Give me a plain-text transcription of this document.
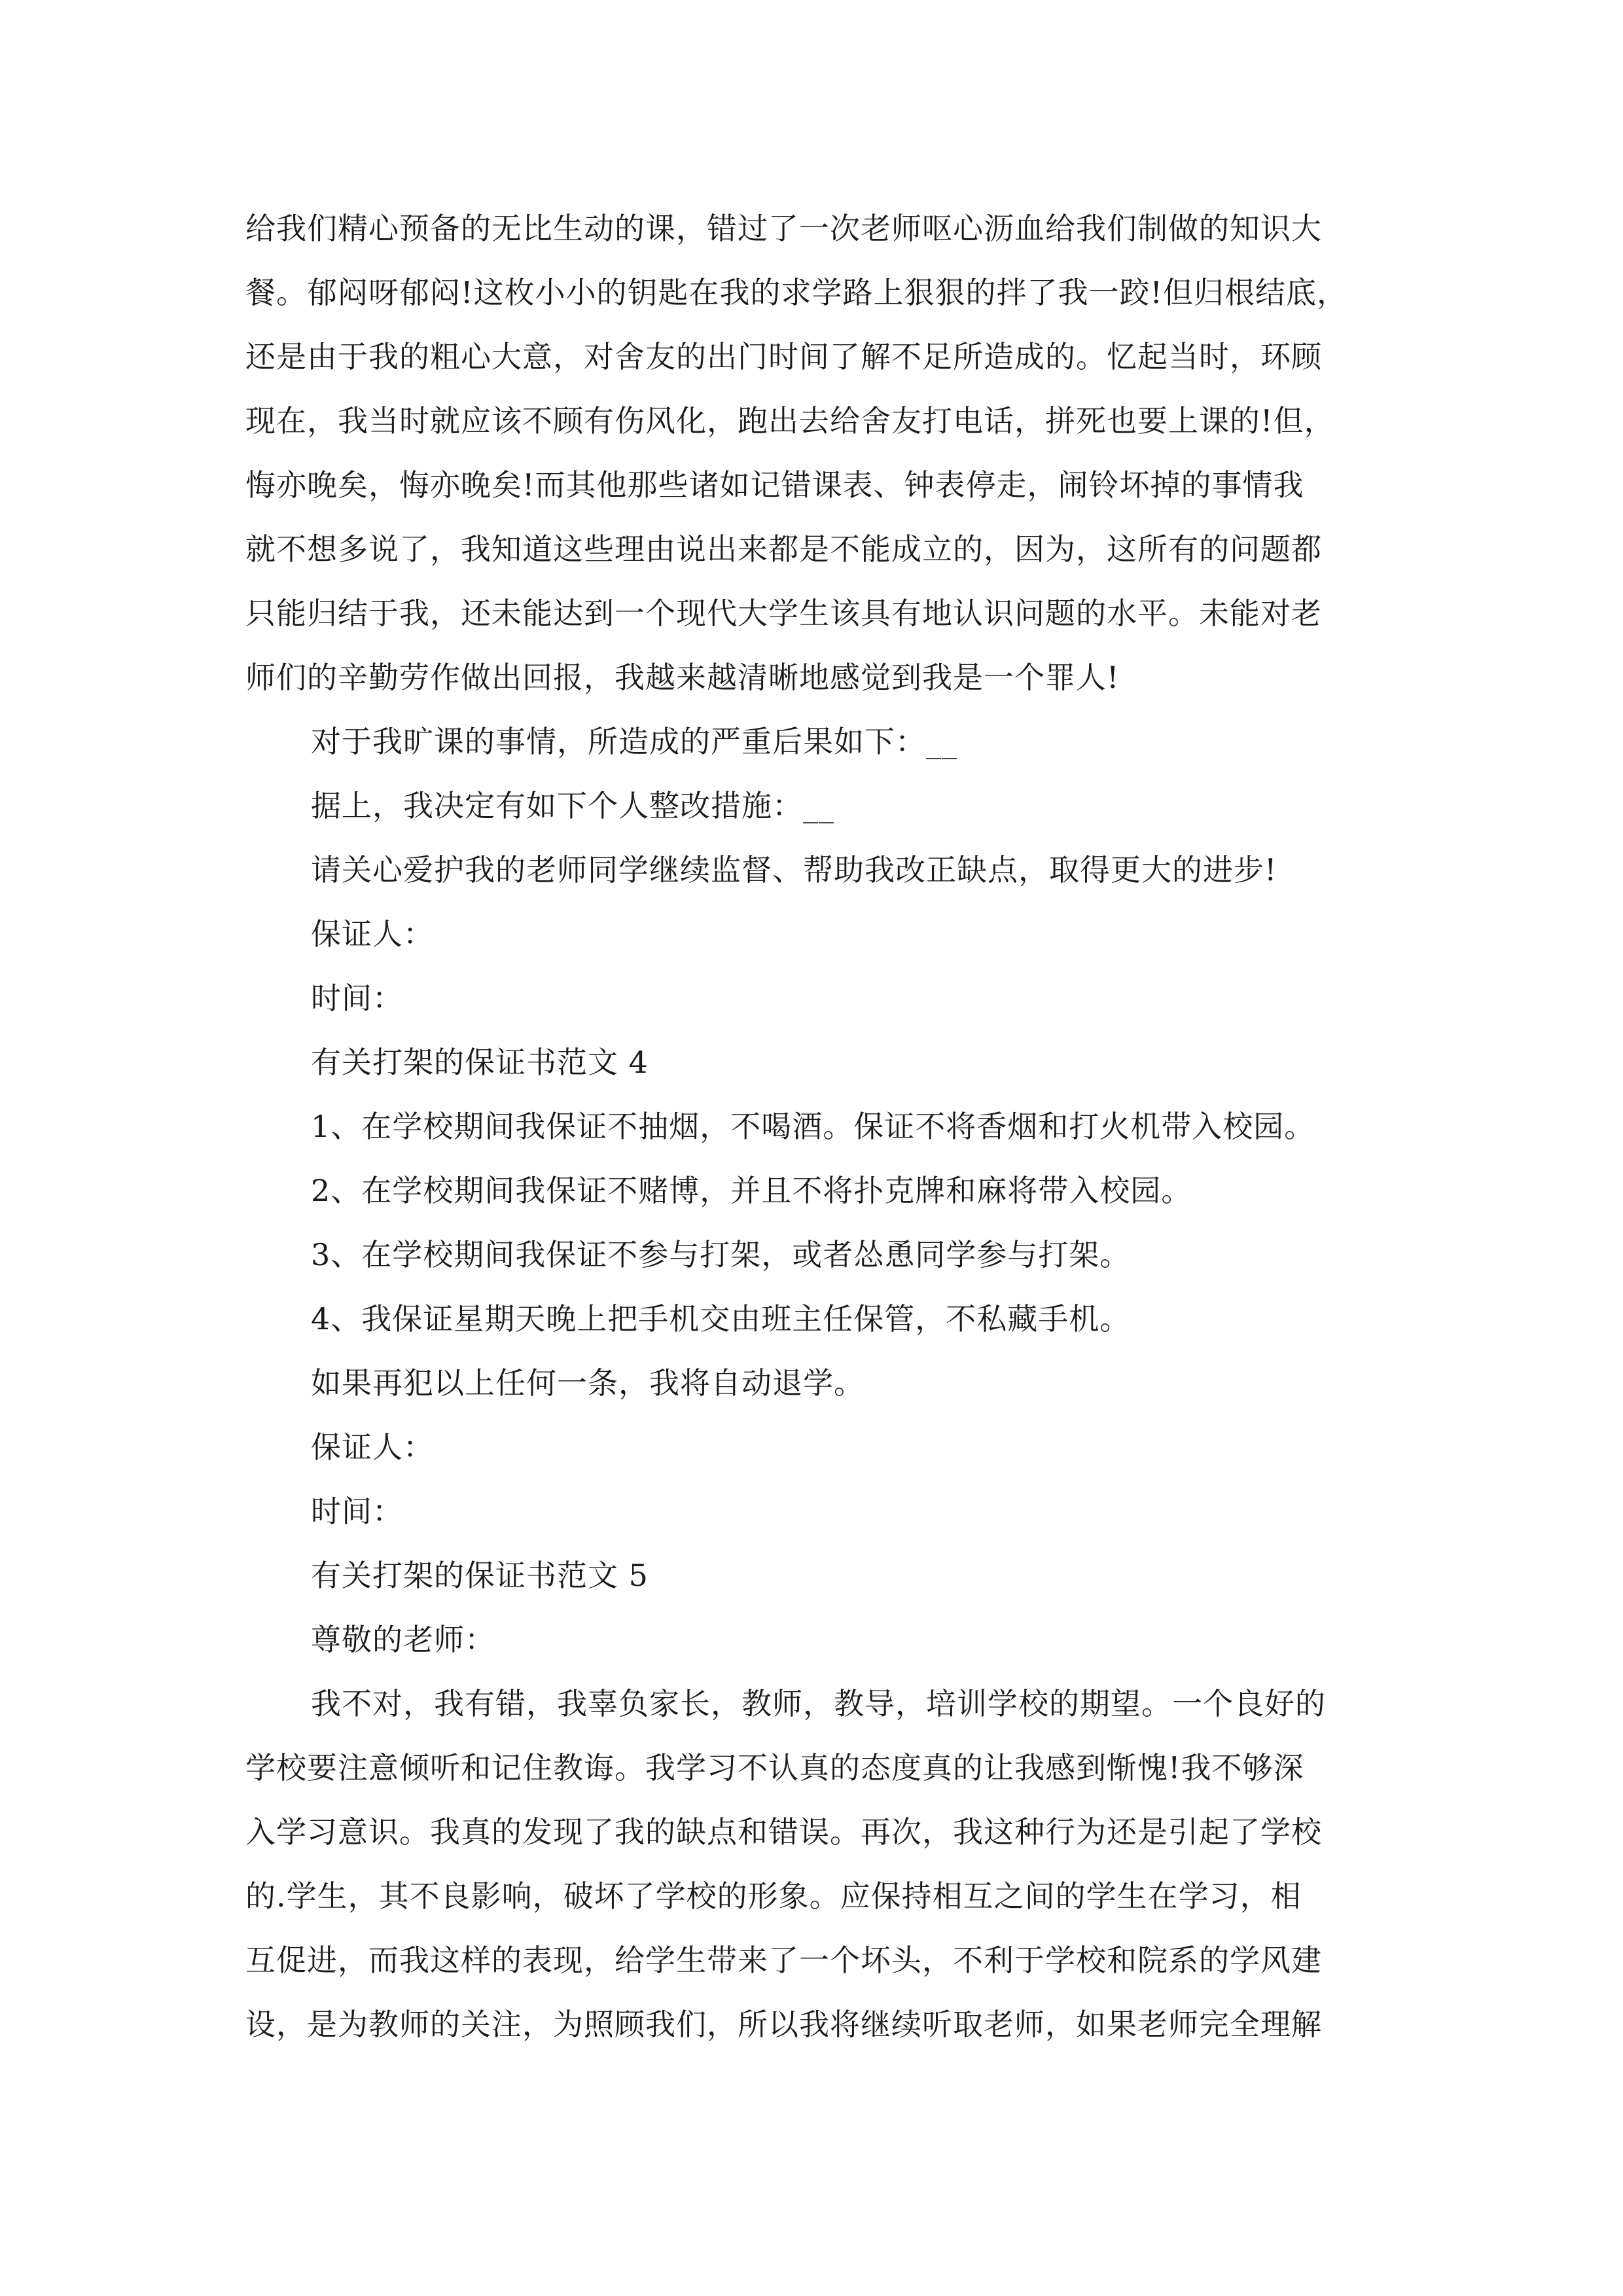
给我们精心预备的无比生动的课，错过了一次老师呕心沥血给我们制做的知识大
餐。郁闷呀郁闷!这枚小小的钥匙在我的求学路上狠狠的拌了我一跤!但归根结底，
还是由于我的粗心大意，对舍友的出门时间了解不足所造成的。忆起当时，环顾
现在，我当时就应该不顾有伤风化，跑出去给舍友打电话，拼死也要上课的!但，
悔亦晚矣，悔亦晚矣!而其他那些诸如记错课表、钟表停走，闹铃坏掉的事情我
就不想多说了，我知道这些理由说出来都是不能成立的，因为，这所有的问题都
只能归结于我，还未能达到一个现代大学生该具有地认识问题的水平。未能对老
师们的辛勤劳作做出回报，我越来越清晰地感觉到我是一个罪人!
对于我旷课的事情，所造成的严重后果如下：__
据上，我决定有如下个人整改措施：__
请关心爱护我的老师同学继续监督、帮助我改正缺点，取得更大的进步!
保证人：
时间：
有关打架的保证书范文 4
1、在学校期间我保证不抽烟，不喝酒。保证不将香烟和打火机带入校园。
2、在学校期间我保证不赌博，并且不将扑克牌和麻将带入校园。
3、在学校期间我保证不参与打架，或者怂恿同学参与打架。
4、我保证星期天晚上把手机交由班主任保管，不私藏手机。
如果再犯以上任何一条，我将自动退学。
保证人：
时间：
有关打架的保证书范文 5
尊敬的老师：
我不对，我有错，我辜负家长，教师，教导，培训学校的期望。一个良好的
学校要注意倾听和记住教诲。我学习不认真的态度真的让我感到惭愧!我不够深
入学习意识。我真的发现了我的缺点和错误。再次，我这种行为还是引起了学校
的.学生，其不良影响，破坏了学校的形象。应保持相互之间的学生在学习，相
互促进，而我这样的表现，给学生带来了一个坏头，不利于学校和院系的学风建
设，是为教师的关注，为照顾我们，所以我将继续听取老师，如果老师完全理解
